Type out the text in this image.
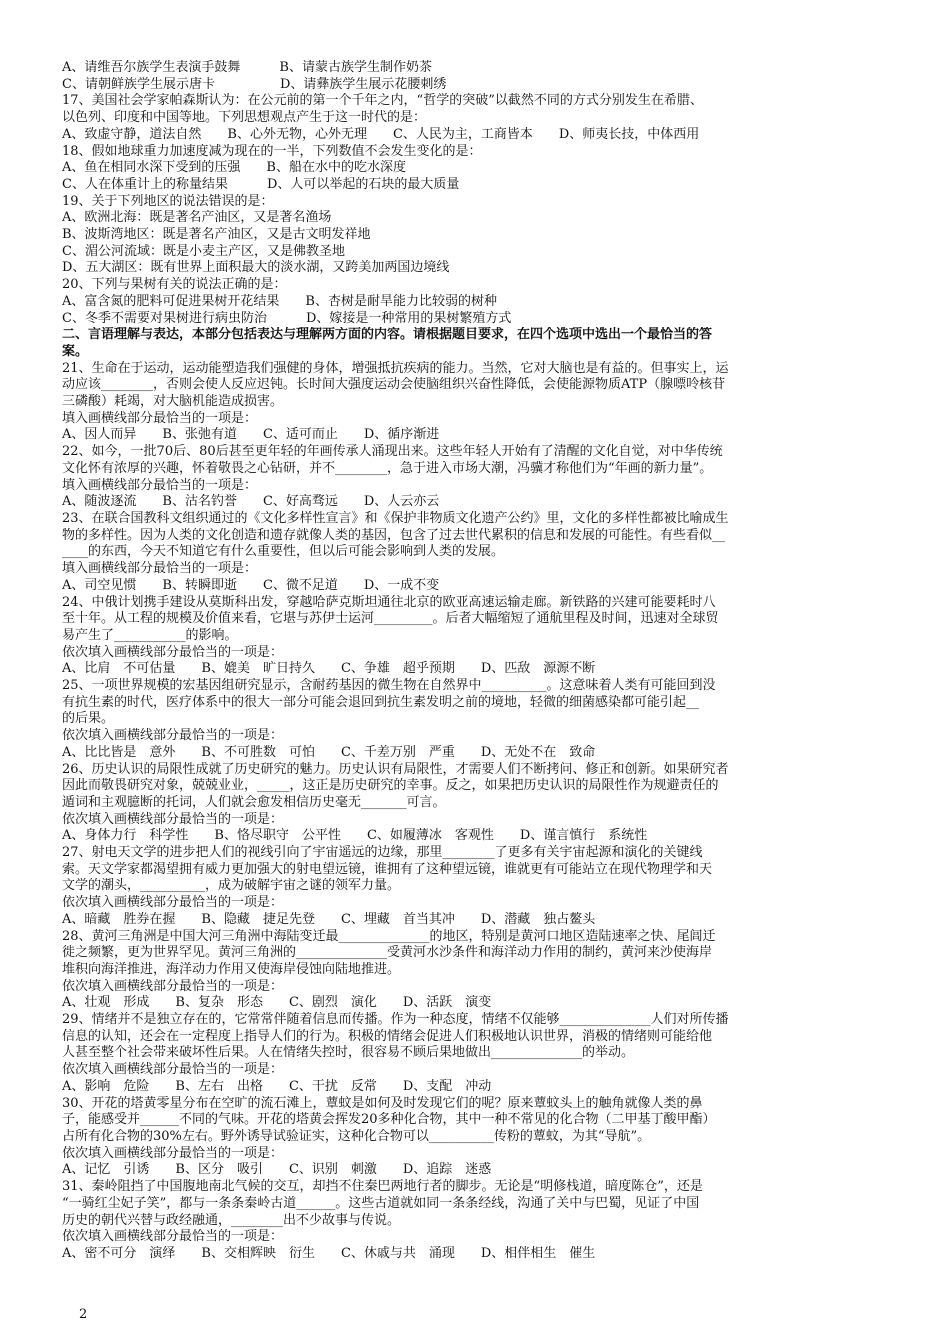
A、请维吾尔族学生表演手鼓舞　　　B、请蒙古族学生制作奶茶
C、请朝鲜族学生展示唐卡　　　　　D、请彝族学生展示花腰刺绣
17、美国社会学家帕森斯认为：在公元前的第一个千年之内，“哲学的突破”以截然不同的方式分别发生在希腊、
以色列、印度和中国等地。下列思想观点产生于这一时代的是：
A、致虚守静，道法自然　　B、心外无物，心外无理　　C、人民为主，工商皆本　　D、师夷长技，中体西用
18、假如地球重力加速度减为现在的一半，下列数值不会发生变化的是：
A、鱼在相同水深下受到的压强　　B、船在水中的吃水深度
C、人在体重计上的称量结果　　　D、人可以举起的石块的最大质量
19、关于下列地区的说法错误的是：
A、欧洲北海：既是著名产油区，又是著名渔场
B、波斯湾地区：既是著名产油区，又是古文明发祥地
C、湄公河流域：既是小麦主产区，又是佛教圣地
D、五大湖区：既有世界上面积最大的淡水湖，又跨美加两国边境线
20、下列与果树有关的说法正确的是：
A、富含氮的肥料可促进果树开花结果　　B、杏树是耐旱能力比较弱的树种
C、冬季不需要对果树进行病虫防治　　　D、嫁接是一种常用的果树繁殖方式
二、言语理解与表达，本部分包括表达与理解两方面的内容。请根据题目要求，在四个选项中选出一个最恰当的答
案。
21、生命在于运动，运动能塑造我们强健的身体，增强抵抗疾病的能力。当然，它对大脑也是有益的。但事实上，运
动应该________，否则会使人反应迟钝。长时间大强度运动会使脑组织兴奋性降低，会使能源物质ATP（腺嘌呤核苷
三磷酸）耗竭，对大脑机能造成损害。
填入画横线部分最恰当的一项是：
A、因人而异　　B、张弛有道　　C、适可而止　　D、循序渐进
22、如今，一批70后、80后甚至更年轻的年画传承人涌现出来。这些年轻人开始有了清醒的文化自觉，对中华传统
文化怀有浓厚的兴趣，怀着敬畏之心钻研，并不________，急于进入市场大潮，冯骥才称他们为“年画的新力量”。
填入画横线部分最恰当的一项是：
A、随波逐流　　B、沽名钓誉　　C、好高骛远　　D、人云亦云
23、在联合国教科文组织通过的《文化多样性宣言》和《保护非物质文化遗产公约》里，文化的多样性都被比喻成生
物的多样性。因为人类的文化创造和遗存就像人类的基因，包含了过去世代累积的信息和发展的可能性。有些看似__
____的东西，今天不知道它有什么重要性，但以后可能会影响到人类的发展。
填入画横线部分最恰当的一项是：
A、司空见惯　　B、转瞬即逝　　C、微不足道　　D、一成不变
24、中俄计划携手建设从莫斯科出发，穿越哈萨克斯坦通往北京的欧亚高速运输走廊。新铁路的兴建可能要耗时八
至十年。从工程的规模及价值来看，它堪与苏伊士运河_________。后者大幅缩短了通航里程及时间，迅速对全球贸
易产生了___________的影响。
依次填入画横线部分最恰当的一项是：
A、比肩　不可估量　　B、媲美　旷日持久　　C、争雄　超乎预期　　D、匹敌　源源不断
25、一项世界规模的宏基因组研究显示，含耐药基因的微生物在自然界中__________。这意味着人类有可能回到没
有抗生素的时代，医疗体系中的很大一部分可能会退回到抗生素发明之前的境地，轻微的细菌感染都可能引起__
的后果。
依次填入画横线部分最恰当的一项是：
A、比比皆是　意外　　B、不可胜数　可怕　　C、千差万别　严重　　D、无处不在　致命
26、历史认识的局限性成就了历史研究的魅力。历史认识有局限性，才需要人们不断拷问、修正和创新。如果研究者
因此而敬畏研究对象，兢兢业业，_____，这正是历史研究的幸事。反之，如果把历史认识的局限性作为规避责任的
遁词和主观臆断的托词，人们就会愈发相信历史毫无_______可言。
依次填入画横线部分最恰当的一项是：
A、身体力行　科学性　　B、恪尽职守　公平性　　C、如履薄冰　客观性　　D、谨言慎行　系统性
27、射电天文学的进步把人们的视线引向了宇宙遥远的边缘，那里________了更多有关宇宙起源和演化的关键线
索。天文学家都渴望拥有威力更加强大的射电望远镜，谁拥有了这种望远镜，谁就更有可能站立在现代物理学和天
文学的潮头，__________，成为破解宇宙之谜的领军力量。
依次填入画横线部分最恰当的一项是：
A、暗藏　胜券在握　　B、隐藏　捷足先登　　C、埋藏　首当其冲　　D、潜藏　独占鳌头
28、黄河三角洲是中国大河三角洲中海陆变迁最______________的地区，特别是黄河口地区造陆速率之快、尾闾迁
徙之频繁，更为世界罕见。黄河三角洲的______________受黄河水沙条件和海洋动力作用的制约，黄河来沙使海岸
堆积向海洋推进，海洋动力作用又使海岸侵蚀向陆地推进。
依次填入画横线部分最恰当的一项是：
A、壮观　形成　　B、复杂　形态　　C、剧烈　演化　　D、活跃　演变
29、情绪并不是独立存在的，它常常伴随着信息而传播。作为一种态度，情绪不仅能够______________人们对所传播
信息的认知，还会在一定程度上指导人们的行为。积极的情绪会促进人们积极地认识世界，消极的情绪则可能给他
人甚至整个社会带来破坏性后果。人在情绪失控时，很容易不顾后果地做出______________的举动。
依次填入画横线部分最恰当的一项是：
A、影响　危险　　B、左右　出格　　C、干扰　反常　　D、支配　冲动
30、开花的塔黄零星分布在空旷的流石滩上，蕈蚊是如何及时发现它们的呢？原来蕈蚊头上的触角就像人类的鼻
子，能感受并______不同的气味。开花的塔黄会挥发20多种化合物，其中一种不常见的化合物（二甲基丁酸甲酯）
占所有化合物的30%左右。野外诱导试验证实，这种化合物可以__________传粉的蕈蚊，为其“导航”。
依次填入画横线部分最恰当的一项是：
A、记忆　引诱　　B、区分　吸引　　C、识别　刺激　　D、追踪　迷惑
31、秦岭阻挡了中国腹地南北气候的交互，却挡不住秦巴两地行者的脚步。无论是“明修栈道，暗度陈仓”，还是
“一骑红尘妃子笑”，都与一条条秦岭古道______。这些古道就如同一条条经线，沟通了关中与巴蜀，见证了中国
历史的朝代兴替与政经融通，________出不少故事与传说。
依次填入画横线部分最恰当的一项是：
A、密不可分　演绎　　B、交相辉映　衍生　　C、休戚与共　涌现　　D、相伴相生　催生
2
